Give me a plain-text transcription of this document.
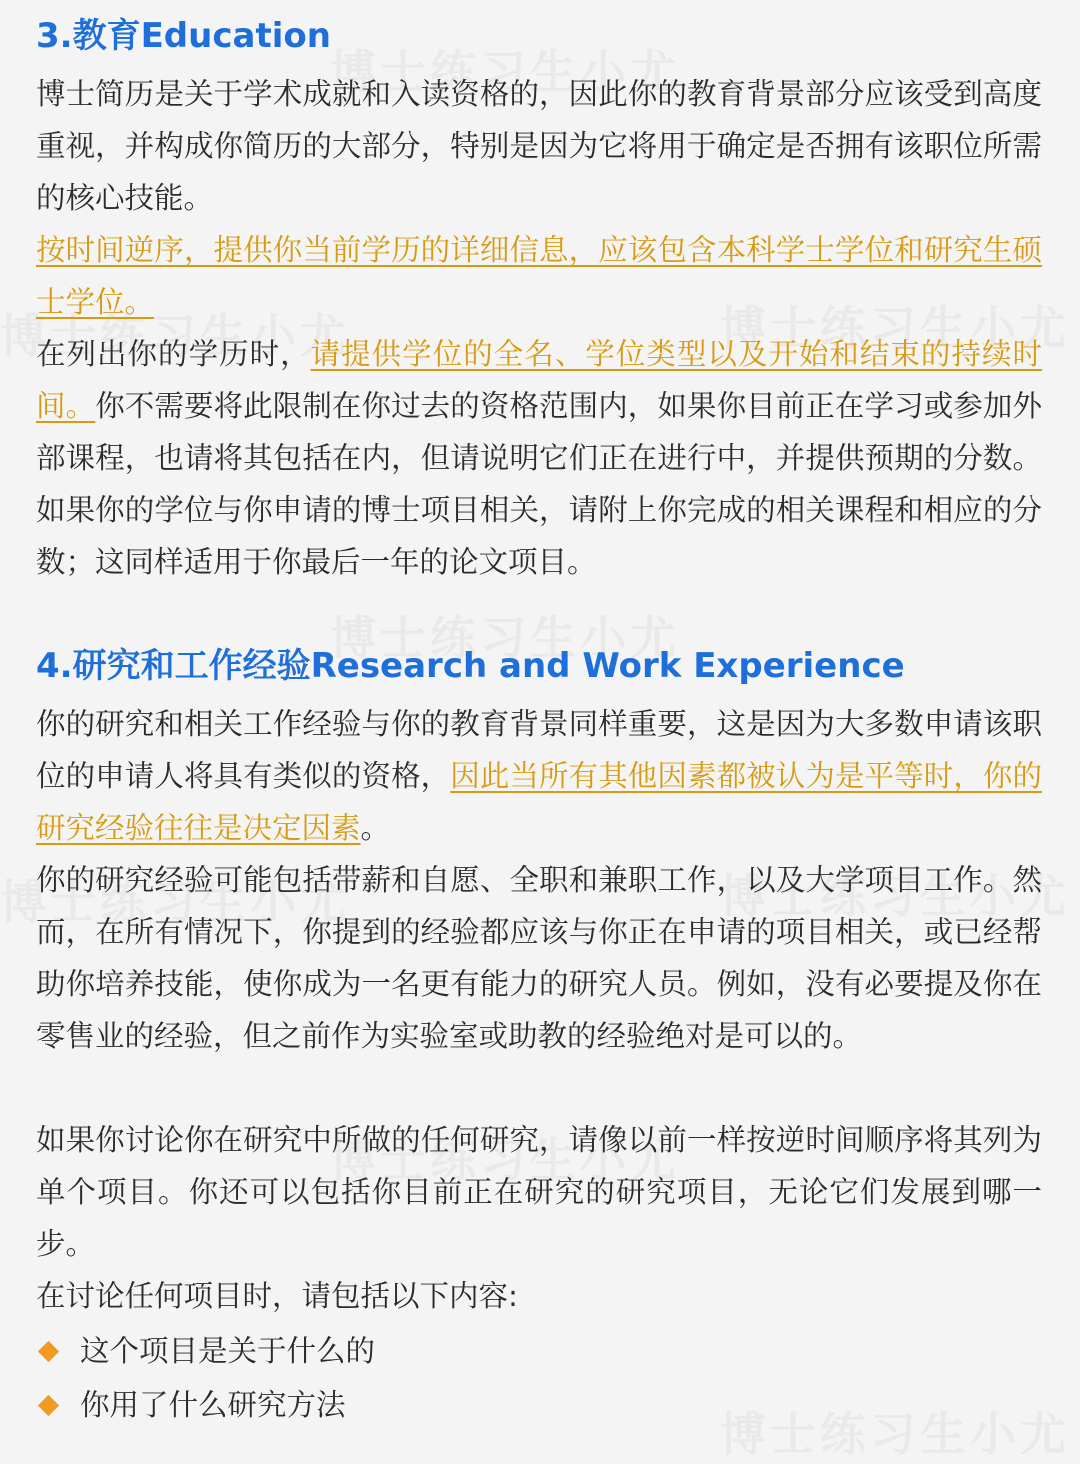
3.教育Education

博士简历是关于学术成就和入读资格的，因此你的教育背景部分应该受到高度重视，并构成你简历的大部分，特别是因为它将用于确定是否拥有该职位所需的核心技能。

按时间逆序，提供你当前学历的详细信息，应该包含本科学士学位和研究生硕士学位。

在列出你的学历时，请提供学位的全名、学位类型以及开始和结束的持续时间。你不需要将此限制在你过去的资格范围内，如果你目前正在学习或参加外部课程，也请将其包括在内，但请说明它们正在进行中，并提供预期的分数。如果你的学位与你申请的博士项目相关，请附上你完成的相关课程和相应的分数；这同样适用于你最后一年的论文项目。

4.研究和工作经验Research and Work Experience

你的研究和相关工作经验与你的教育背景同样重要，这是因为大多数申请该职位的申请人将具有类似的资格，因此当所有其他因素都被认为是平等时，你的研究经验往往是决定因素。

你的研究经验可能包括带薪和自愿、全职和兼职工作，以及大学项目工作。然而，在所有情况下，你提到的经验都应该与你正在申请的项目相关，或已经帮助你培养技能，使你成为一名更有能力的研究人员。例如，没有必要提及你在零售业的经验，但之前作为实验室或助教的经验绝对是可以的。

如果你讨论你在研究中所做的任何研究，请像以前一样按逆时间顺序将其列为单个项目。你还可以包括你目前正在研究的研究项目，无论它们发展到哪一步。

在讨论任何项目时，请包括以下内容:

这个项目是关于什么的
你用了什么研究方法
